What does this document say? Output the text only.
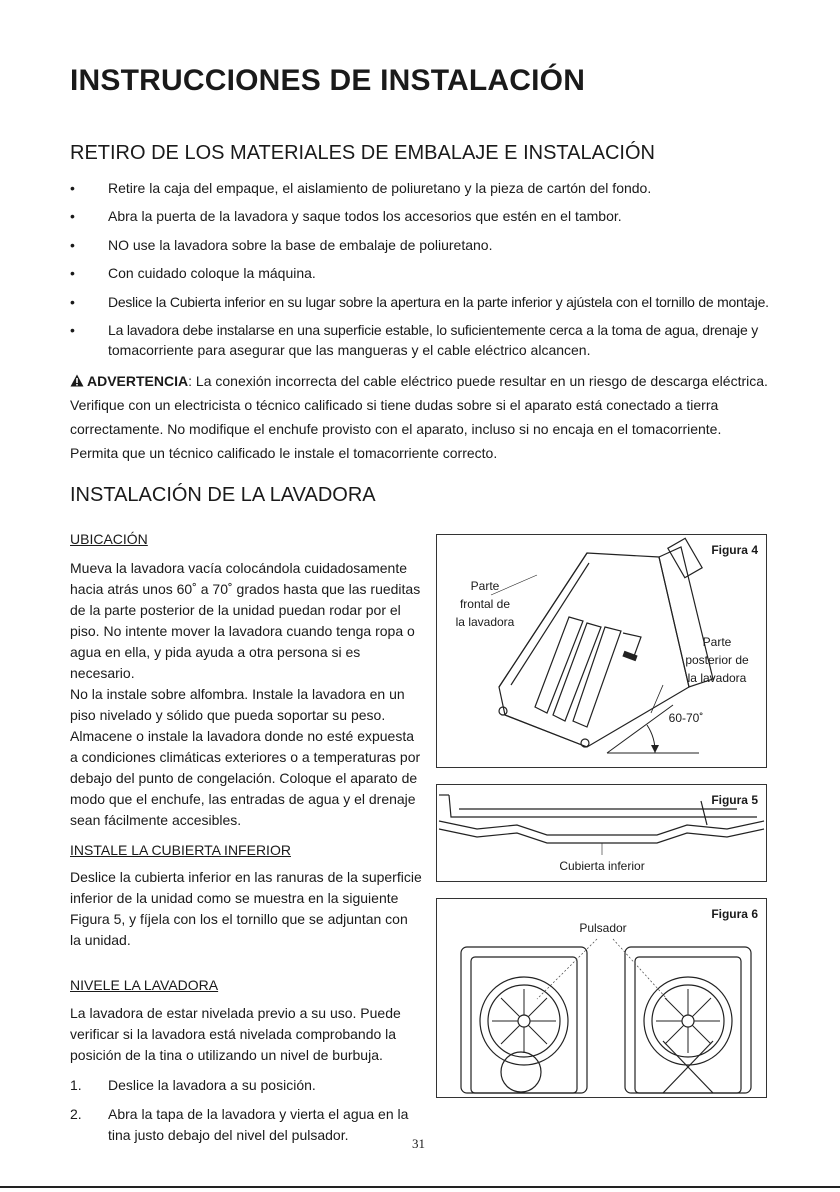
INSTRUCCIONES DE INSTALACIÓN
RETIRO DE LOS MATERIALES DE EMBALAJE E INSTALACIÓN
• Retire la caja del empaque, el aislamiento de poliuretano y la pieza de cartón del fondo.
• Abra la puerta de la lavadora y saque todos los accesorios que estén en el tambor.
• NO use la lavadora sobre la base de embalaje de poliuretano.
• Con cuidado coloque la máquina.
• Deslice la Cubierta inferior en su lugar sobre la apertura en la parte inferior y ajústela con el tornillo de montaje.
• La lavadora debe instalarse en una superficie estable, lo suficientemente cerca a la toma de agua, drenaje y
tomacorriente para asegurar que las mangueras y el cable eléctrico alcancen.
ADVERTENCIA: La conexión incorrecta del cable eléctrico puede resultar en un riesgo de descarga eléctrica.
Verifique con un electricista o técnico calificado si tiene dudas sobre si el aparato está conectado a tierra
correctamente. No modifique el enchufe provisto con el aparato, incluso si no encaja en el tomacorriente.
Permita que un técnico calificado le instale el tomacorriente correcto.
INSTALACIÓN DE LA LAVADORA
UBICACIÓN
Mueva la lavadora vacía colocándola cuidadosamente
hacia atrás unos 60˚ a 70˚ grados hasta que las rueditas
de la parte posterior de la unidad puedan rodar por el
piso. No intente mover la lavadora cuando tenga ropa o
agua en ella, y pida ayuda a otra persona si es necesario.
No la instale sobre alfombra. Instale la lavadora en un
piso nivelado y sólido que pueda soportar su peso.
Almacene o instale la lavadora donde no esté expuesta
a condiciones climáticas exteriores o a temperaturas por
debajo del punto de congelación. Coloque el aparato de
modo que el enchufe, las entradas de agua y el drenaje
sean fácilmente accesibles.
INSTALE LA CUBIERTA INFERIOR
Deslice la cubierta inferior en las ranuras de la superficie
inferior de la unidad como se muestra en la siguiente
Figura 5, y fíjela con los el tornillo que se adjuntan con
la unidad.
NIVELE LA LAVADORA
La lavadora de estar nivelada previo a su uso. Puede
verificar si la lavadora está nivelada comprobando la
posición de la tina o utilizando un nivel de burbuja.
1. Deslice la lavadora a su posición.
2. Abra la tapa de la lavadora y vierta el agua en la
tina justo debajo del nivel del pulsador.
Figura 4
Parte
frontal de
la lavadora
Parte
posterior de
la lavadora
60-70˚
Figura 5
Cubierta inferior
Figura 6
Pulsador
31
